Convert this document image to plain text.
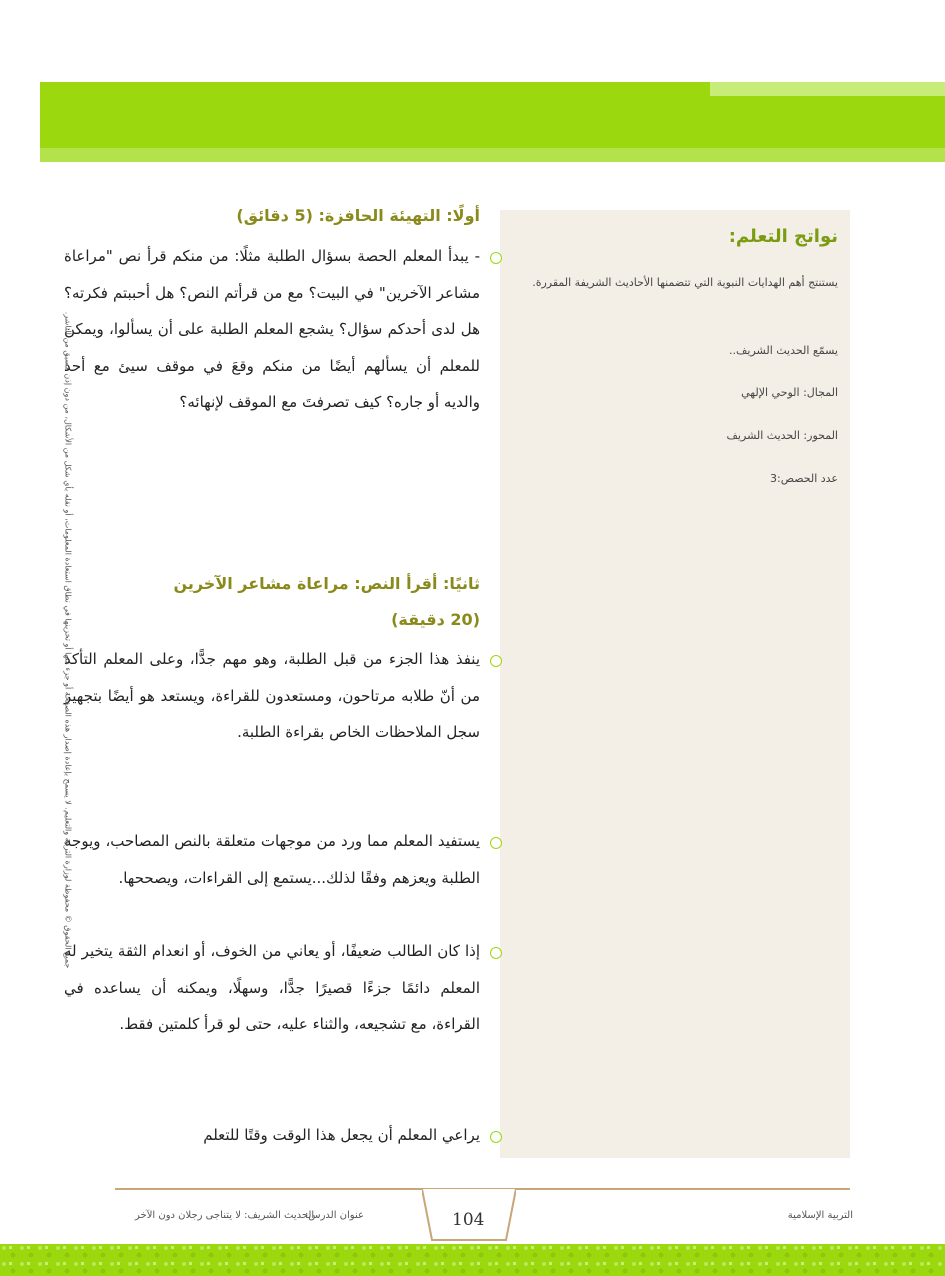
نواتج التعلم:

يستنتج أهم الهدايات النبوية التي تتضمنها الأحاديث الشريفة المقررة.

يسمّع الحديث الشريف..

المجال: الوحي الإلهي

المحور: الحديث الشريف

عدد الحصص:3

أولًا: التهيئة الحافزة: (5 دقائق)

- يبدأ المعلم الحصة بسؤال الطلبة مثلًا: من منكم قرأ نص "مراعاة مشاعر الآخرين" في البيت؟ مع من قرأتم النص؟ هل أحببتم فكرته؟ هل لدى أحدكم سؤال؟ يشجع المعلم الطلبة على أن يسألوا، ويمكن للمعلم أن يسألهم أيضًا من منكم وقعَ في موقف سيئ مع أحد والديه أو جاره؟ كيف تصرفتَ مع الموقف لإنهائه؟

ثانيًا: أقرأ النص: مراعاة مشاعر الآخرين
(20 دقيقة)

ينفذ هذا الجزء من قبل الطلبة، وهو مهم جدًّا، وعلى المعلم التأكد من أنّ طلابه مرتاحون، ومستعدون للقراءة، ويستعد هو أيضًا بتجهيز سجل الملاحظات الخاص بقراءة الطلبة.

يستفيد المعلم مما ورد من موجهات متعلقة بالنص المصاحب، ويوجه الطلبة ويعزهم وفقًا لذلك...يستمع إلى القراءات، ويصححها.

إذا كان الطالب ضعيفًا، أو يعاني من الخوف، أو انعدام الثقة يتخير له المعلم دائمًا جزءًا قصيرًا جدًّا، وسهلًا، ويمكنه أن يساعده في القراءة، مع تشجيعه، والثناء عليه، حتى لو قرأ كلمتين فقط.

يراعي المعلم أن يجعل هذا الوقت وقتًا للتعلم

جميع الحقوق © محفوظة لوزارة التربية والتعليم. لا يسمح بإعادة إصدار هذه الصفحة أو جزء منها أو تخزينها في نطاق استعادة المعلومات، أو نقله بأي شكل من الأشكال، من دون إذن مسبق من الناشر.

التربية الإسلامية

104

عنوان الدرس:

الحديث الشريف: لا يتناجى رجلان دون الآخر
